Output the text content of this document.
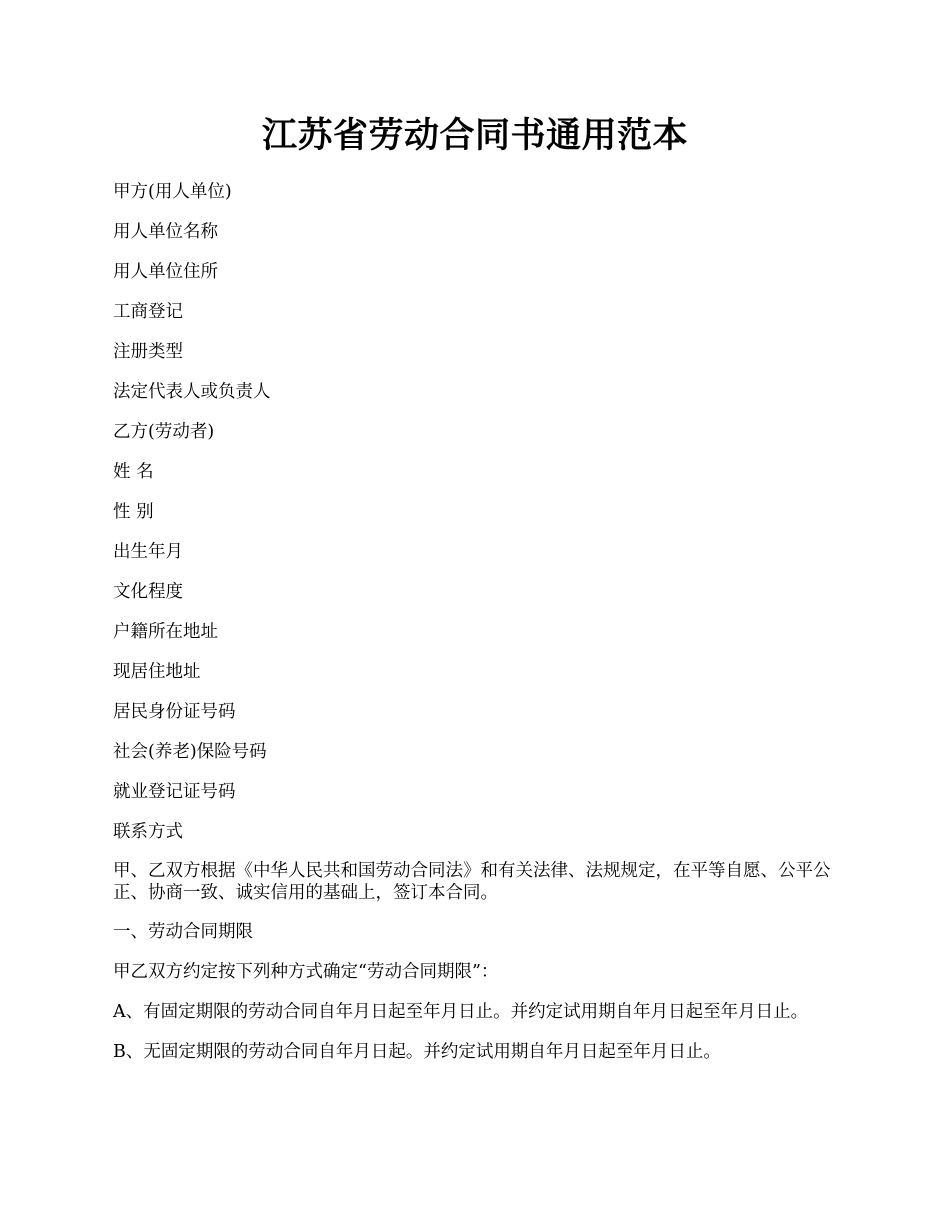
江苏省劳动合同书通用范本
甲方(用人单位)
用人单位名称
用人单位住所
工商登记
注册类型
法定代表人或负责人
乙方(劳动者)
姓 名
性 别
出生年月
文化程度
户籍所在地址
现居住地址
居民身份证号码
社会(养老)保险号码
就业登记证号码
联系方式
甲、乙双方根据《中华人民共和国劳动合同法》和有关法律、法规规定，在平等自愿、公平公正、协商一致、诚实信用的基础上，签订本合同。
一、劳动合同期限
甲乙双方约定按下列种方式确定“劳动合同期限”：
A、有固定期限的劳动合同自年月日起至年月日止。并约定试用期自年月日起至年月日止。
B、无固定期限的劳动合同自年月日起。并约定试用期自年月日起至年月日止。
